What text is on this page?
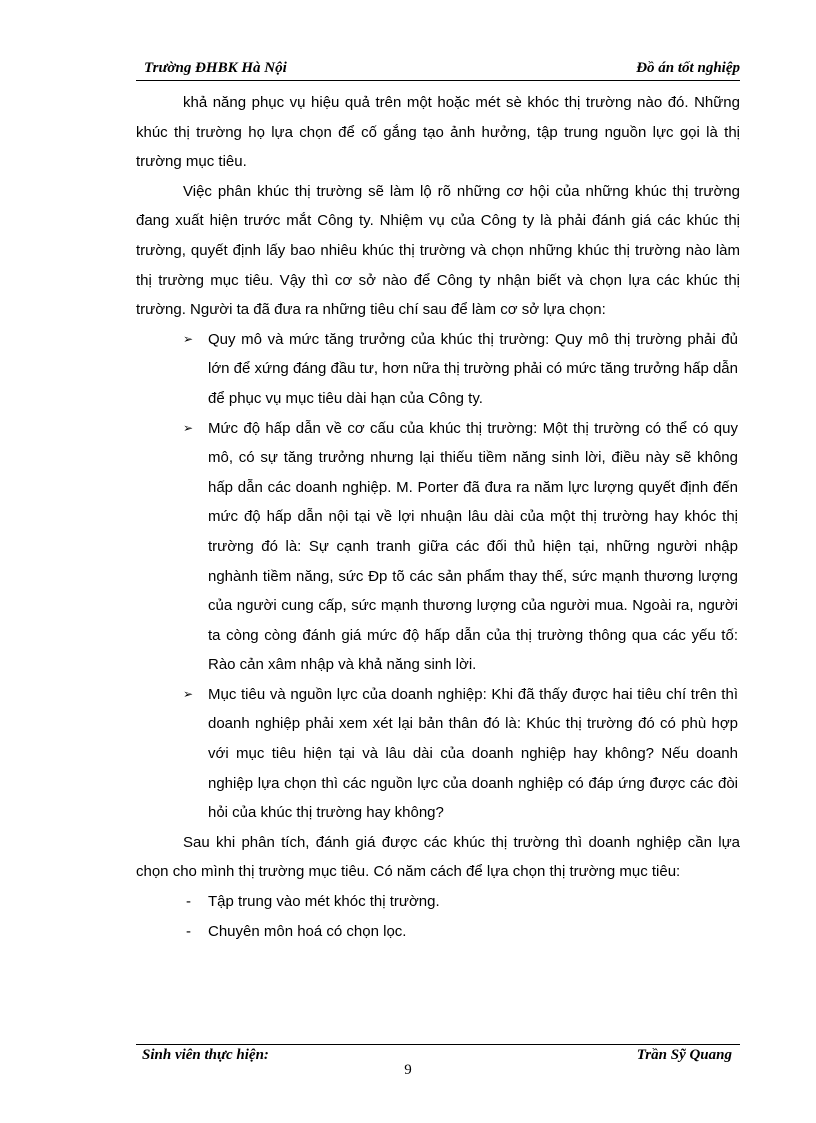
Trường ĐHBK Hà Nội	Đồ án tốt nghiệp

khả năng phục vụ hiệu quả trên một hoặc mét sè khóc thị trường nào đó. Những khúc thị trường họ lựa chọn để cố gắng tạo ảnh hưởng, tập trung nguồn lực gọi là thị trường mục tiêu.

Việc phân khúc thị trường sẽ làm lộ rõ những cơ hội của những khúc thị trường đang xuất hiện trước mắt Công ty. Nhiệm vụ của Công ty là phải đánh giá các khúc thị trường, quyết định lấy bao nhiêu khúc thị trường và chọn những khúc thị trường nào làm thị trường mục tiêu. Vậy thì cơ sở nào để Công ty nhận biết và chọn lựa các khúc thị trường. Người ta đã đưa ra những tiêu chí sau để làm cơ sở lựa chọn:

➢ Quy mô và mức tăng trưởng của khúc thị trường: Quy mô thị trường phải đủ lớn để xứng đáng đầu tư, hơn nữa thị trường phải có mức tăng trưởng hấp dẫn để phục vụ mục tiêu dài hạn của Công ty.
➢ Mức độ hấp dẫn về cơ cấu của khúc thị trường: Một thị trường có thể có quy mô, có sự tăng trưởng nhưng lại thiếu tiềm năng sinh lời, điều này sẽ không hấp dẫn các doanh nghiệp. M. Porter đã đưa ra năm lực lượng quyết định đến mức độ hấp dẫn nội tại về lợi nhuận lâu dài của một thị trường hay khóc thị trường đó là: Sự cạnh tranh giữa các đối thủ hiện tại, những người nhập nghành tiềm năng, sức Ðp tõ các sản phẩm thay thế, sức mạnh thương lượng của người cung cấp, sức mạnh thương lượng của người mua. Ngoài ra, người ta còng còng đánh giá mức độ hấp dẫn của thị trường thông qua các yếu tố: Rào cản xâm nhập và khả năng sinh lời.
➢ Mục tiêu và nguồn lực của doanh nghiệp: Khi đã thấy được hai tiêu chí trên thì doanh nghiệp phải xem xét lại bản thân đó là: Khúc thị trường đó có phù hợp với mục tiêu hiện tại và lâu dài của doanh nghiệp hay không? Nếu doanh nghiệp lựa chọn thì các nguồn lực của doanh nghiệp có đáp ứng được các đòi hỏi của khúc thị trường hay không?

Sau khi phân tích, đánh giá được các khúc thị trường thì doanh nghiệp cần lựa chọn cho mình thị trường mục tiêu. Có năm cách để lựa chọn thị trường mục tiêu:

- Tập trung vào mét khóc thị trường.
- Chuyên môn hoá có chọn lọc.
Sinh viên thực hiện:	Trần Sỹ Quang
9
